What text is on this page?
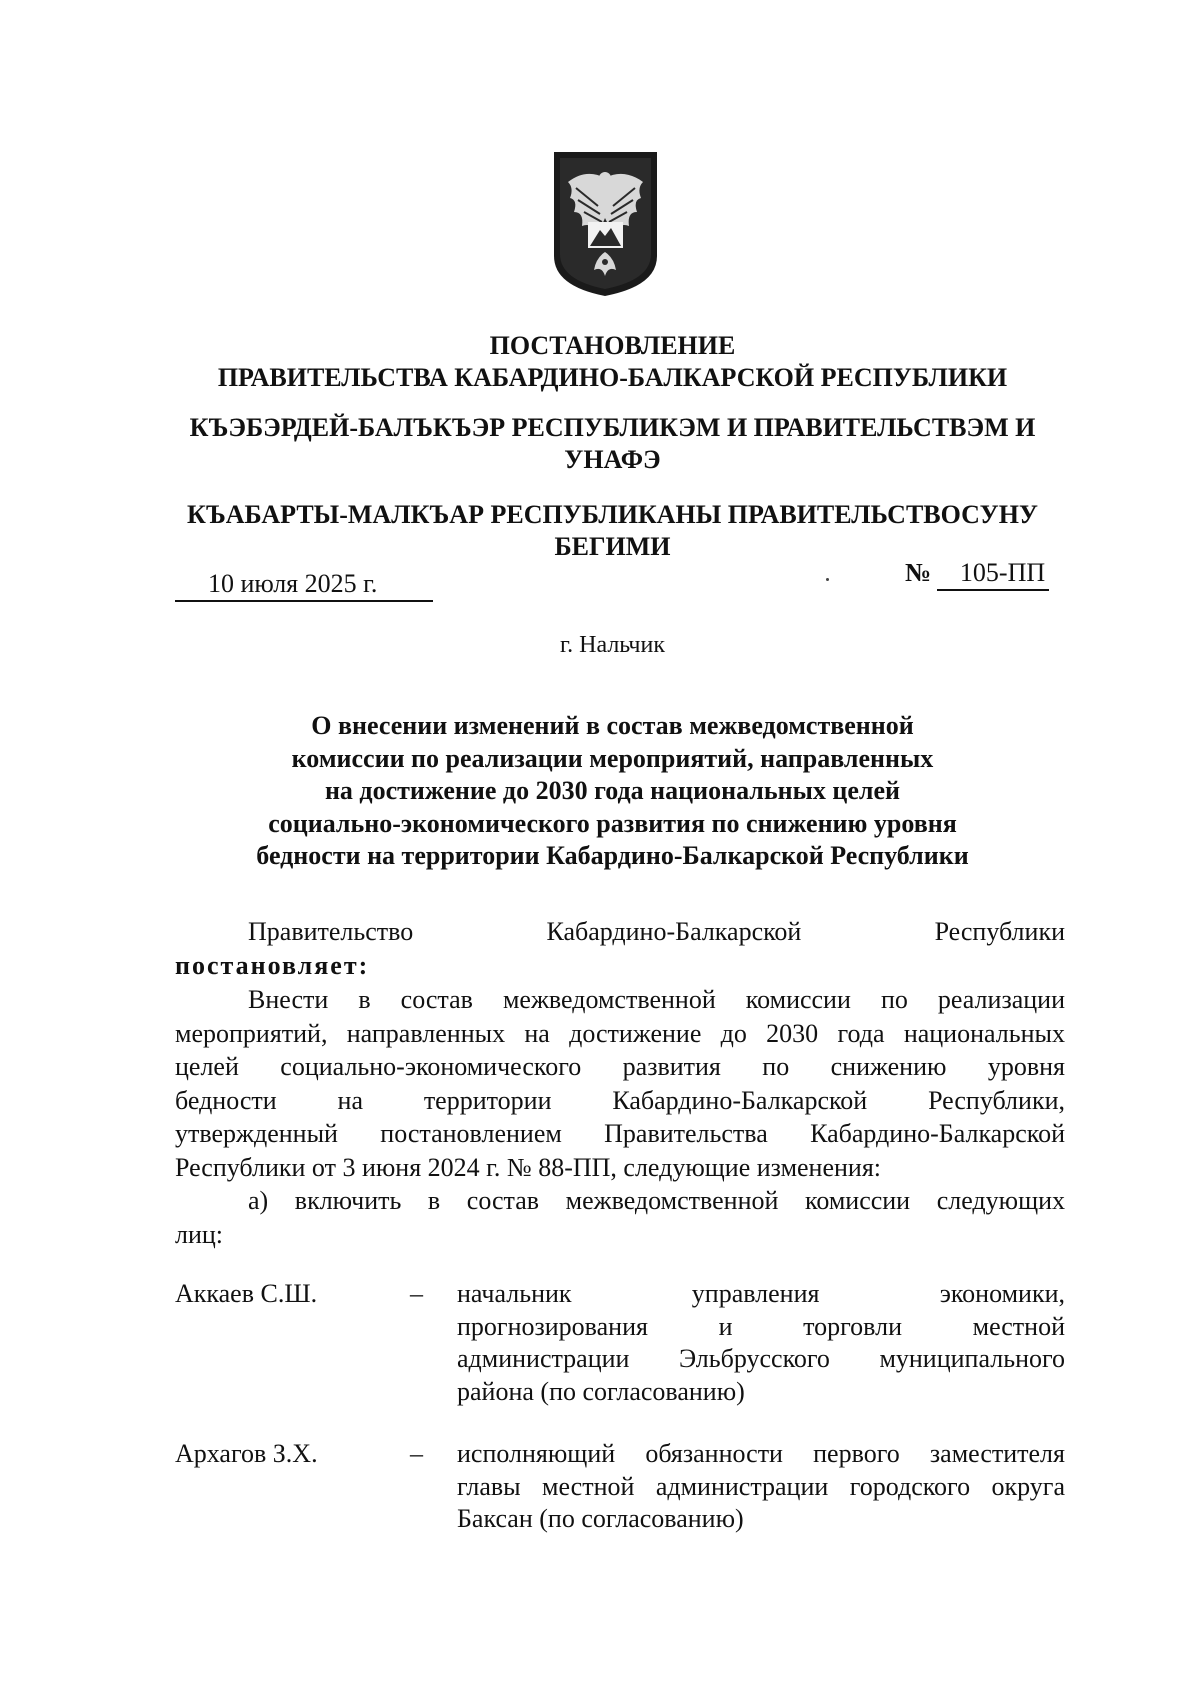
ПОСТАНОВЛЕНИЕ
ПРАВИТЕЛЬСТВА КАБАРДИНО-БАЛКАРСКОЙ РЕСПУБЛИКИ
КЪЭБЭРДЕЙ-БАЛЪКЪЭР РЕСПУБЛИКЭМ И ПРАВИТЕЛЬСТВЭМ И
УНАФЭ
КЪАБАРТЫ-МАЛКЪАР РЕСПУБЛИКАНЫ ПРАВИТЕЛЬСТВОСУНУ
БЕГИМИ
10 июля 2025 г.	№ 105-ПП
г. Нальчик
О внесении изменений в состав межведомственной
комиссии по реализации мероприятий, направленных
на достижение до 2030 года национальных целей
социально-экономического развития по снижению уровня
бедности на территории Кабардино-Балкарской Республики
Правительство	Кабардино-Балкарской	Республики
постановляет:
Внести в состав межведомственной комиссии по реализации
мероприятий, направленных на достижение до 2030 года национальных
целей социально-экономического развития по снижению уровня
бедности на территории Кабардино-Балкарской Республики,
утвержденный постановлением Правительства Кабардино-Балкарской
Республики от 3 июня 2024 г. № 88-ПП, следующие изменения:
а) включить в состав межведомственной комиссии следующих
лиц:
Аккаев С.Ш.	– начальник управления экономики,
прогнозирования и торговли местной
администрации Эльбрусского муниципального
района (по согласованию)
Архагов З.Х.	– исполняющий обязанности первого заместителя
главы местной администрации городского округа
Баксан (по согласованию)
